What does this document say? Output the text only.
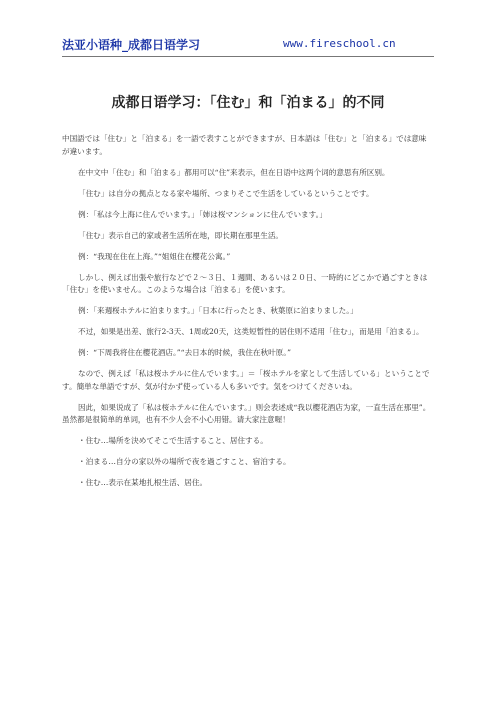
法亚小语种_成都日语学习	www.fireschool.cn
成都日语学习：「住む」和「泊まる」的不同

中国語では「住む」と「泊まる」を一語で表すことができますが、日本語は「住む」と「泊まる」では意味が違います。

在中文中「住む」和「泊まる」都用可以“住”来表示，但在日语中这两个词的意思有所区别。

「住む」は自分の拠点となる家や場所、つまりそこで生活をしているということです。

例：「私は今上海に住んでいます。」「姉は桜マンションに住んでいます。」

「住む」表示自己的家或者生活所在地，即长期在那里生活。

例：“我现在住在上海。”“姐姐住在樱花公寓。”

しかし、例えば出張や旅行などで２～３日、１週間、あるいは２０日、一時的にどこかで過ごすときは「住む」を使いません。このような場合は「泊まる」を使います。

例：「来週桜ホテルに泊まります。」「日本に行ったとき、秋葉原に泊まりました。」

不过，如果是出差、旅行2-3天、1周或20天，这类短暂性的居住则不适用「住む」，而是用「泊まる」。

例：“下周我将住在樱花酒店。”“去日本的时候，我住在秋叶原。”

なので、例えば「私は桜ホテルに住んでいます。」＝「桜ホテルを家として生活している」ということです。簡単な単語ですが、気が付かず使っている人も多いです。気をつけてくださいね。

因此，如果说成了「私は桜ホテルに住んでいます。」则会表述成“我以樱花酒店为家，一直生活在那里”。虽然都是很简单的单词，也有不少人会不小心用错。请大家注意喔！

・住む…場所を決めてそこで生活すること、居住する。

・泊まる…自分の家以外の場所で夜を過ごすこと、宿泊する。

・住む…表示在某地扎根生活、居住。
